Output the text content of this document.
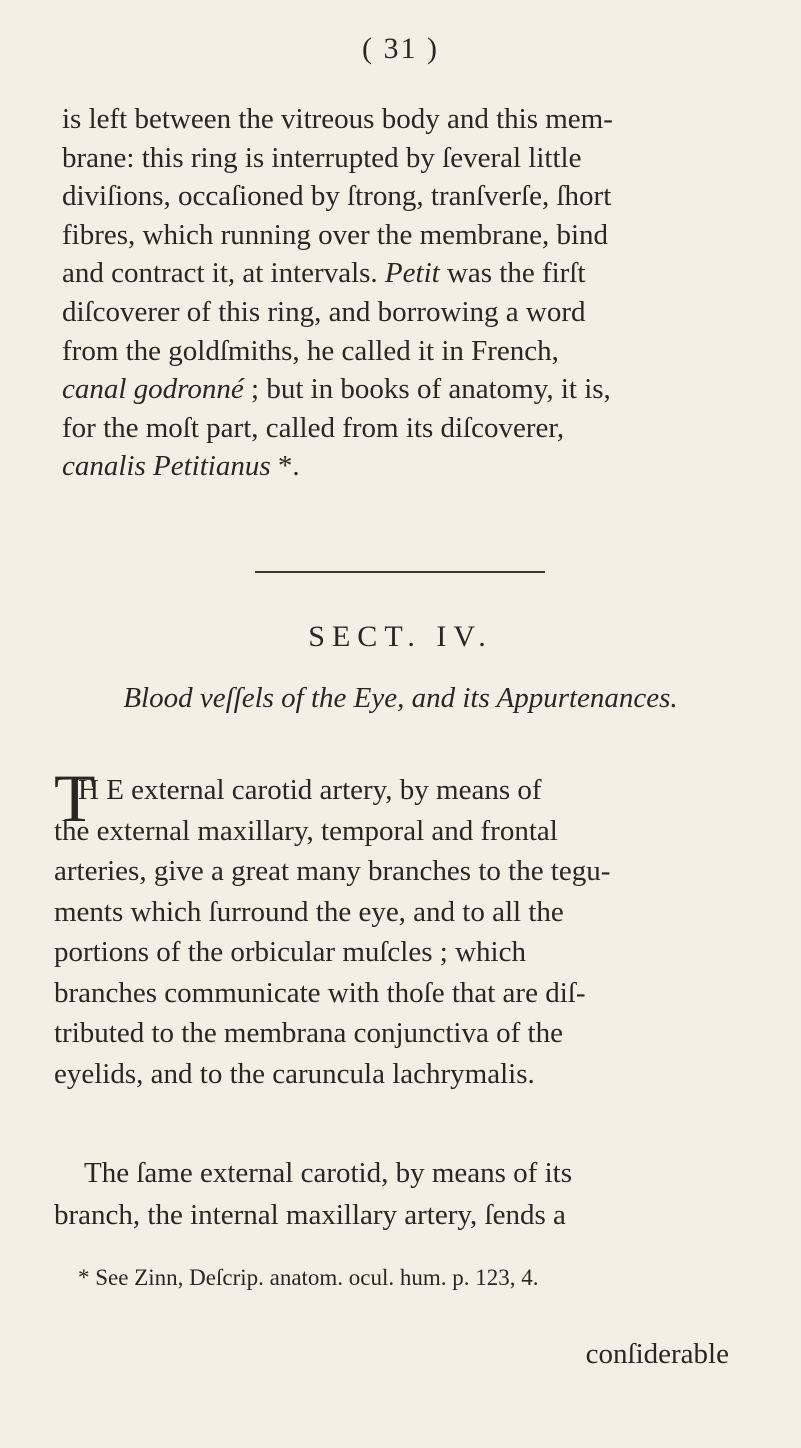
( 31 )
is left between the vitreous body and this mem-
brane: this ring is interrupted by ſeveral little
diviſions, occaſioned by ſtrong, tranſverſe, ſhort
fibres, which running over the membrane, bind
and contract it, at intervals. Petit was the firſt
diſcoverer of this ring, and borrowing a word
from the goldſmiths, he called it in French,
canal godronné ; but in books of anatomy, it is,
for the moſt part, called from its diſcoverer,
canalis Petitianus *.
SECT. IV.
Blood veſſels of the Eye, and its Appurtenances.
T
H E external carotid artery, by means of
the external maxillary, temporal and frontal
arteries, give a great many branches to the tegu-
ments which ſurround the eye, and to all the
portions of the orbicular muſcles ; which
branches communicate with thoſe that are diſ-
tributed to the membrana conjunctiva of the
eyelids, and to the caruncula lachrymalis.
The ſame external carotid, by means of its
branch, the internal maxillary artery, ſends a
* See Zinn, Deſcrip. anatom. ocul. hum. p. 123, 4.
conſiderable
